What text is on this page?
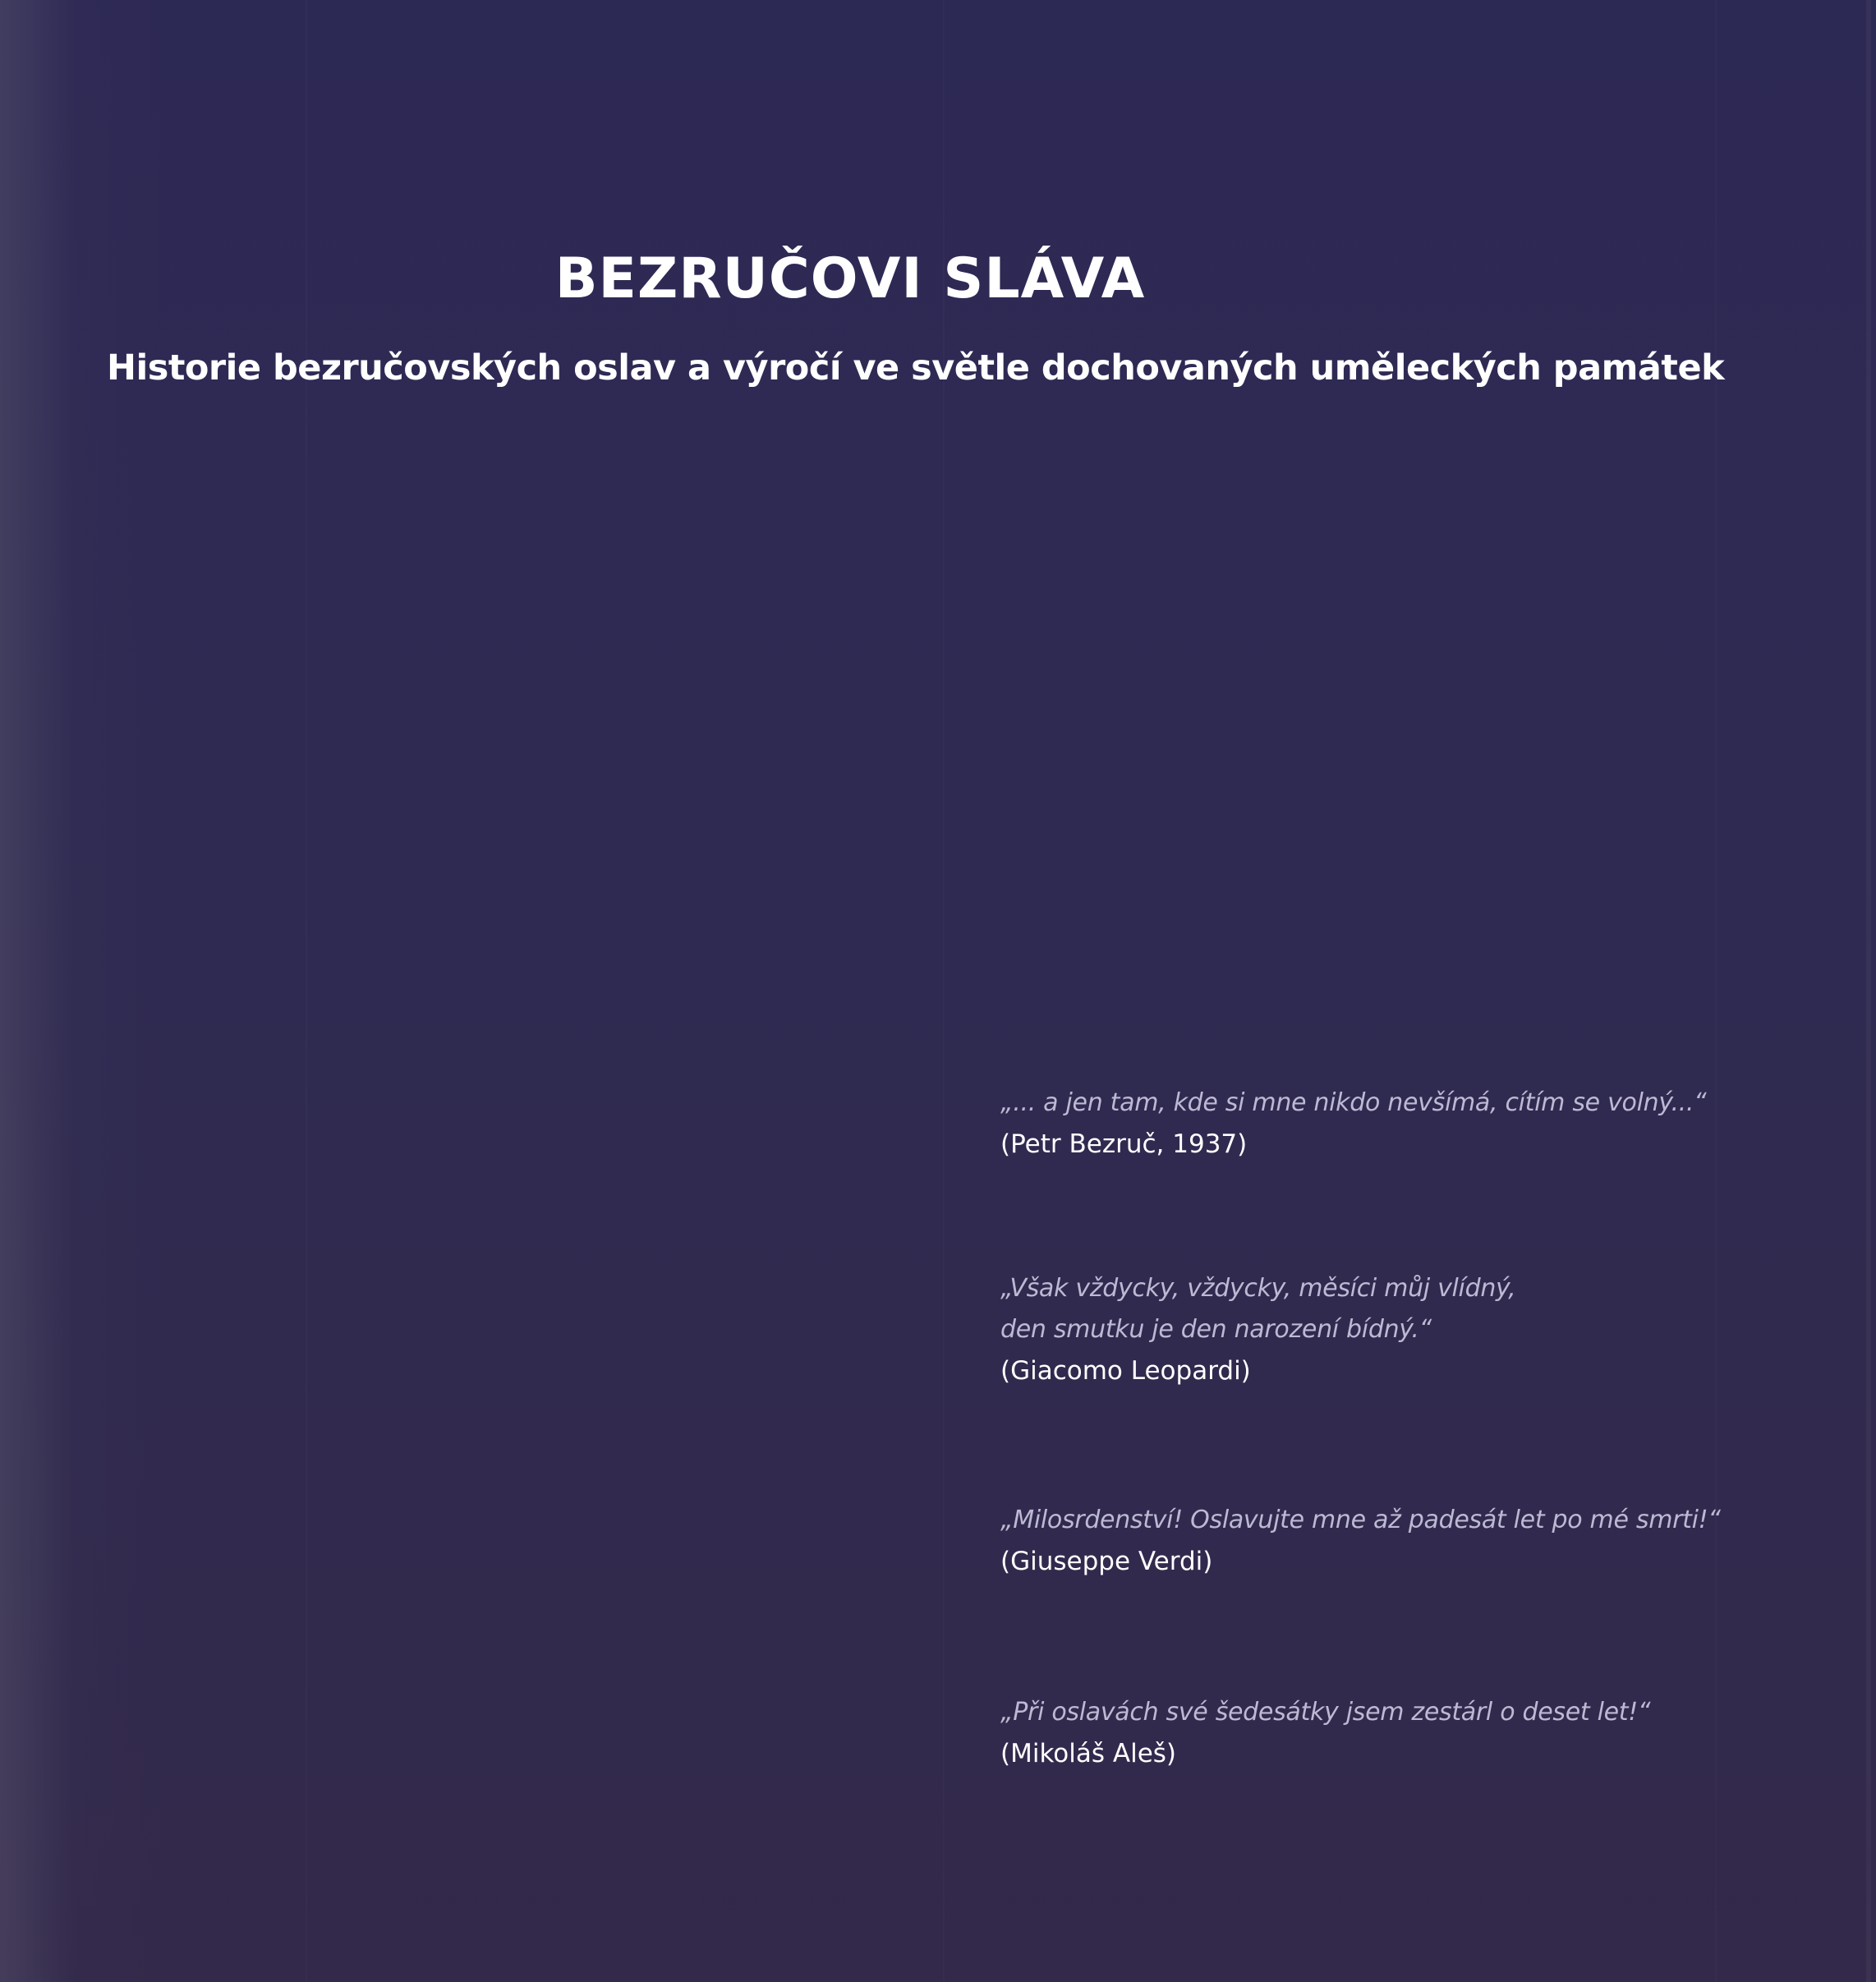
BEZRUČOVI SLÁVA
Historie bezručovských oslav a výročí ve světle dochovaných uměleckých památek
„... a jen tam, kde si mne nikdo nevšímá, cítím se volný...“
(Petr Bezruč, 1937)
„Však vždycky, vždycky, měsíci můj vlídný,
den smutku je den narození bídný.“
(Giacomo Leopardi)
„Milosrdenství! Oslavujte mne až padesát let po mé smrti!“
(Giuseppe Verdi)
„Při oslavách své šedesátky jsem zestárl o deset let!“
(Mikoláš Aleš)
